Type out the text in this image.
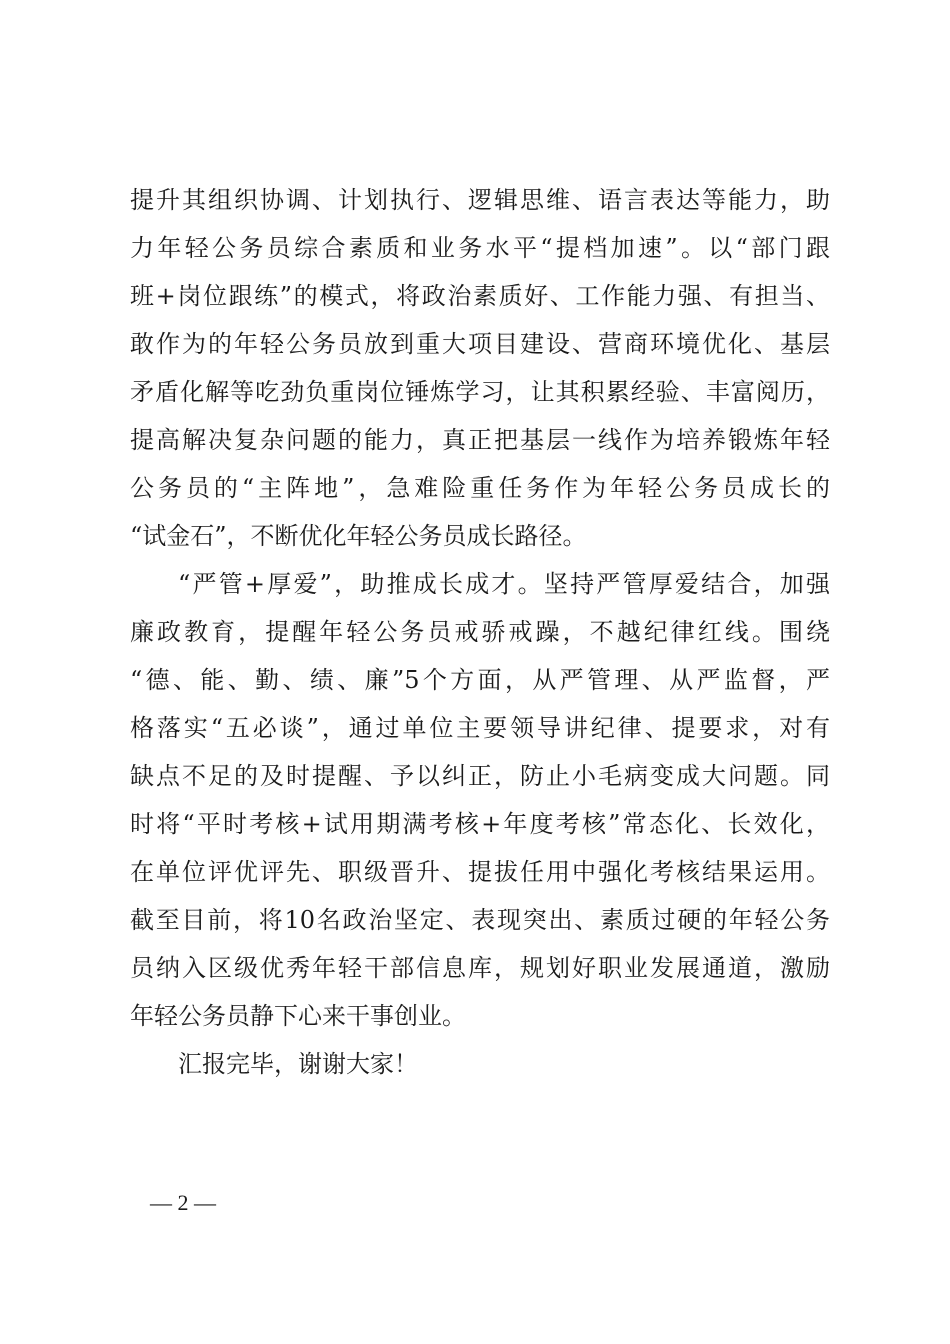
提升其组织协调、计划执行、逻辑思维、语言表达等能力，助
力年轻公务员综合素质和业务水平“提档加速”。以“部门跟
班+岗位跟练”的模式，将政治素质好、工作能力强、有担当、
敢作为的年轻公务员放到重大项目建设、营商环境优化、基层
矛盾化解等吃劲负重岗位锤炼学习，让其积累经验、丰富阅历，
提高解决复杂问题的能力，真正把基层一线作为培养锻炼年轻
公务员的“主阵地”，急难险重任务作为年轻公务员成长的
“试金石”，不断优化年轻公务员成长路径。
“严管+厚爱”，助推成长成才。坚持严管厚爱结合，加强
廉政教育，提醒年轻公务员戒骄戒躁，不越纪律红线。围绕
“德、能、勤、绩、廉”5个方面，从严管理、从严监督，严
格落实“五必谈”，通过单位主要领导讲纪律、提要求，对有
缺点不足的及时提醒、予以纠正，防止小毛病变成大问题。同
时将“平时考核+试用期满考核+年度考核”常态化、长效化，
在单位评优评先、职级晋升、提拔任用中强化考核结果运用。
截至目前，将10名政治坚定、表现突出、素质过硬的年轻公务
员纳入区级优秀年轻干部信息库，规划好职业发展通道，激励
年轻公务员静下心来干事创业。
汇报完毕，谢谢大家！
— 2 —
